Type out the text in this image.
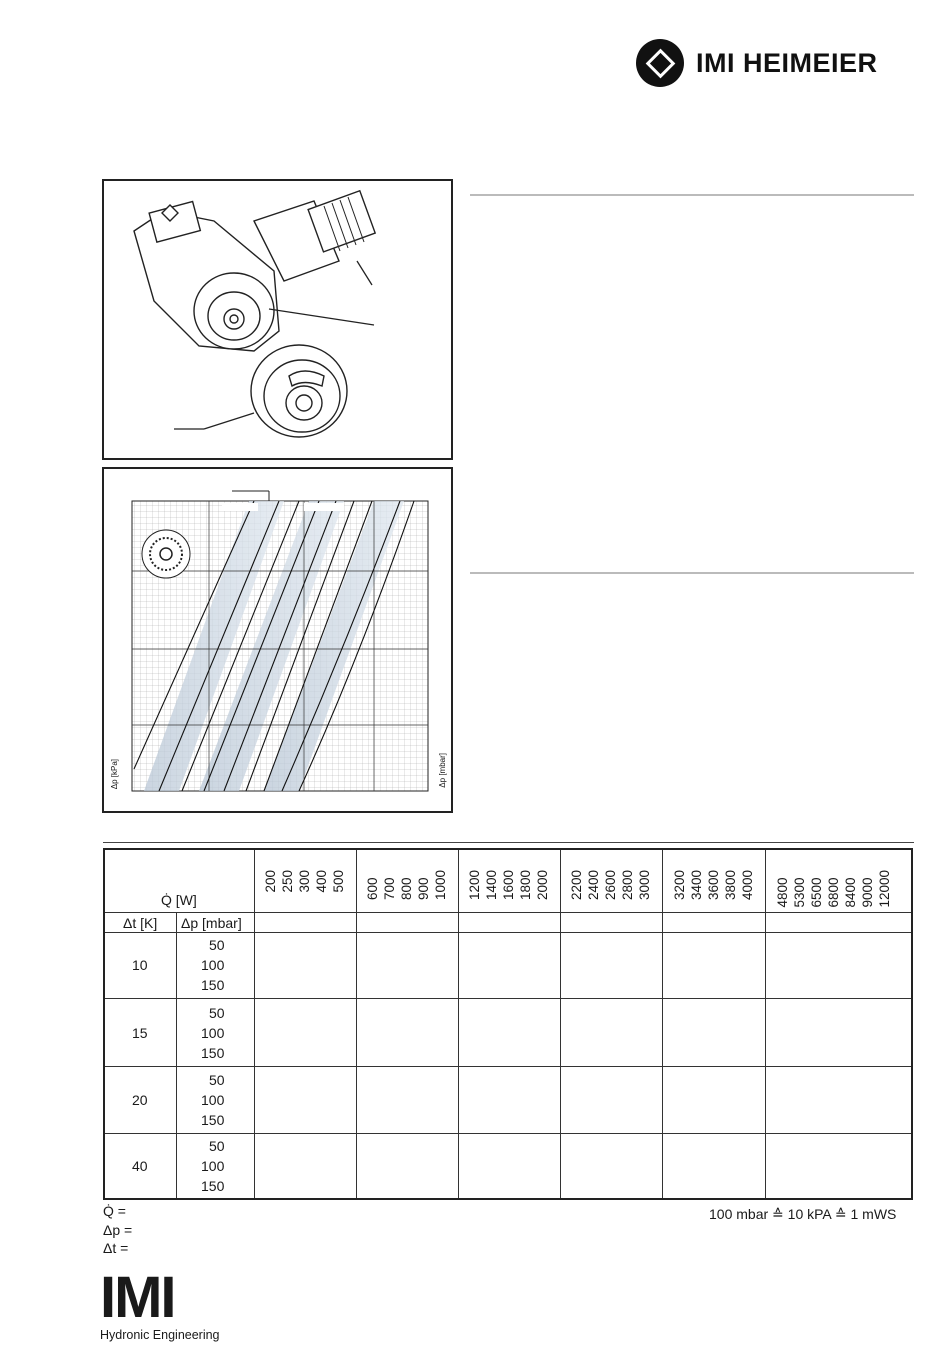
IMI HEIMEIER
Δp [kPa]	Δp [mbar]
Q̇ [W]
Δt [K] Δp [mbar]
200 250 300 400 500 600 700 800 900 1000 1200 1400 1600 1800 2000 2200 2400 2600 2800 3000 3200 3400 3600 3800 4000 4800 5300 6500 6800 8400 9000 12000
10
50
100
150
15
50
100
150
20
50
100
150
40
50
100
150
Q̇ =
Δp =
Δt =
100 mbar ≙ 10 kPA ≙ 1 mWS
IMI
Hydronic Engineering
